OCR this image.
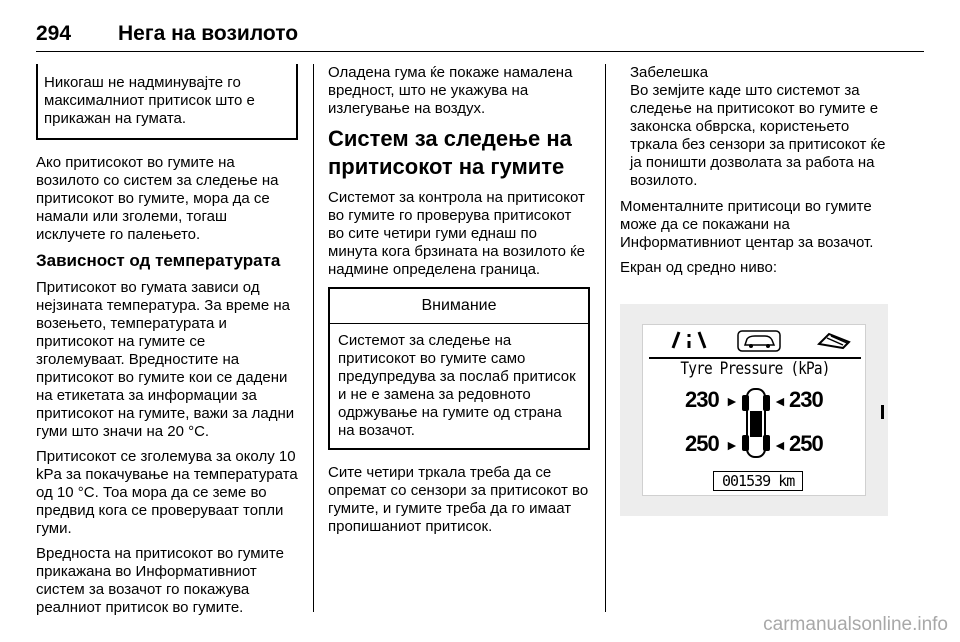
294 Нега на возилото
Никогаш не надминувајте го максималниот притисок што е прикажан на гумата.

Ако притисокот во гумите на возилото со систем за следење на притисокот во гумите, мора да се намали или зголеми, тогаш исклучете го палењето.

Зависност од температурата

Притисокот во гумата зависи од нејзината температура. За време на возењето, температурата и притисокот на гумите се зголемуваат. Вредностите на притисокот во гумите кои се дадени на етикетата за информации за притисокот на гумите, важи за ладни гуми што значи на 20 °C.

Притисокот се зголемува за околу 10 kPa за покачување на температурата од 10 °C. Тоа мора да се земе во предвид кога се проверуваат топли гуми.

Вредноста на притисокот во гумите прикажана во Информативниот систем за возачот го покажува реалниот притисок во гумите.

Оладена гума ќе покаже намалена вредност, што не укажува на излегување на воздух.

Систем за следење на притисокот на гумите

Системот за контрола на притисокот во гумите го проверува притисокот во сите четири гуми еднаш по минута кога брзината на возилото ќе надмине определена граница.

Внимание
Системот за следење на притисокот во гумите само предупредува за послаб притисок и не е замена за редовното одржување на гумите од страна на возачот.

Сите четири тркала треба да се опремат со сензори за притисокот во гумите, и гумите треба да го имаат пропишаниот притисок.

Забелешка
Во земјите каде што системот за следење на притисокот во гумите е законска обврска, користењето тркала без сензори за притисокот ќе ја поништи дозволата за работа на возилото.

Моменталните притисоци во гумите може да се покажани на Информативниот центар за возачот.

Екран од средно ниво:

Tyre Pressure (kPa)
230 ► ◄ 230
250 ► ◄ 250
001539 km
carmanualsonline.info
